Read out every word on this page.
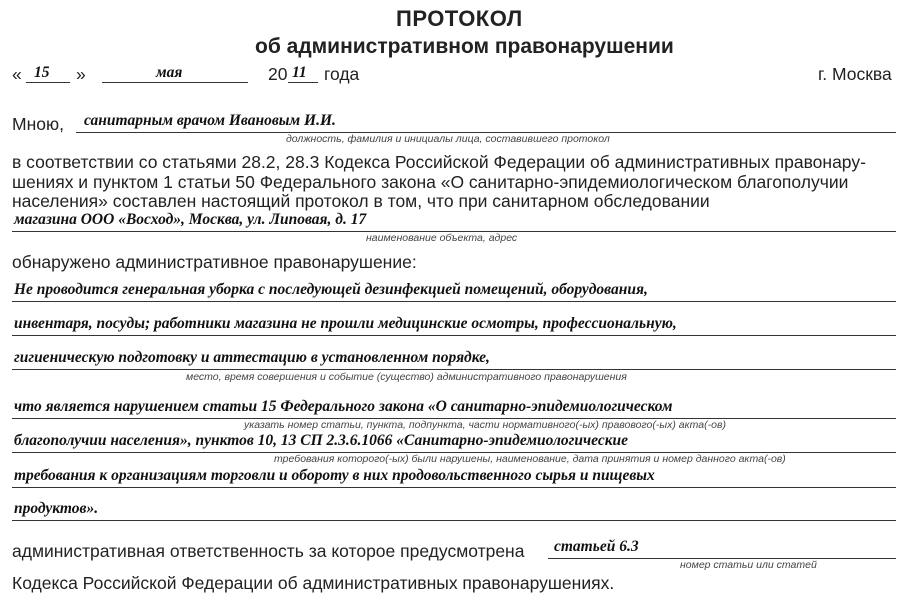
ПРОТОКОЛ
об административном правонарушении
« 15 »	мая	20 11 года	г. Москва
Мною, санитарным врачом Ивановым И.И.
должность, фамилия и инициалы лица, составившего протокол
в соответствии со статьями 28.2, 28.3 Кодекса Российской Федерации об административных правонару-
шениях и пунктом 1 статьи 50 Федерального закона «О санитарно-эпидемиологическом благополучии
населения» составлен настоящий протокол в том, что при санитарном обследовании
магазина ООО «Восход», Москва, ул. Липовая, д. 17
наименование объекта, адрес
обнаружено административное правонарушение:
Не проводится генеральная уборка с последующей дезинфекцией помещений, оборудования,
инвентаря, посуды; работники магазина не прошли медицинские осмотры, профессиональную,
гигиеническую подготовку и аттестацию в установленном порядке,
место, время совершения и событие (существо) административного правонарушения
что является нарушением статьи 15 Федерального закона «О санитарно-эпидемиологическом
указать номер статьи, пункта, подпункта, части нормативного(-ых) правового(-ых) акта(-ов)
благополучии населения», пунктов 10, 13 СП 2.3.6.1066 «Санитарно-эпидемиологические
требования которого(-ых) были нарушены, наименование, дата принятия и номер данного акта(-ов)
требования к организациям торговли и обороту в них продовольственного сырья и пищевых
продуктов».
административная ответственность за которое предусмотрена статьей 6.3
номер статьи или статей
Кодекса Российской Федерации об административных правонарушениях.
